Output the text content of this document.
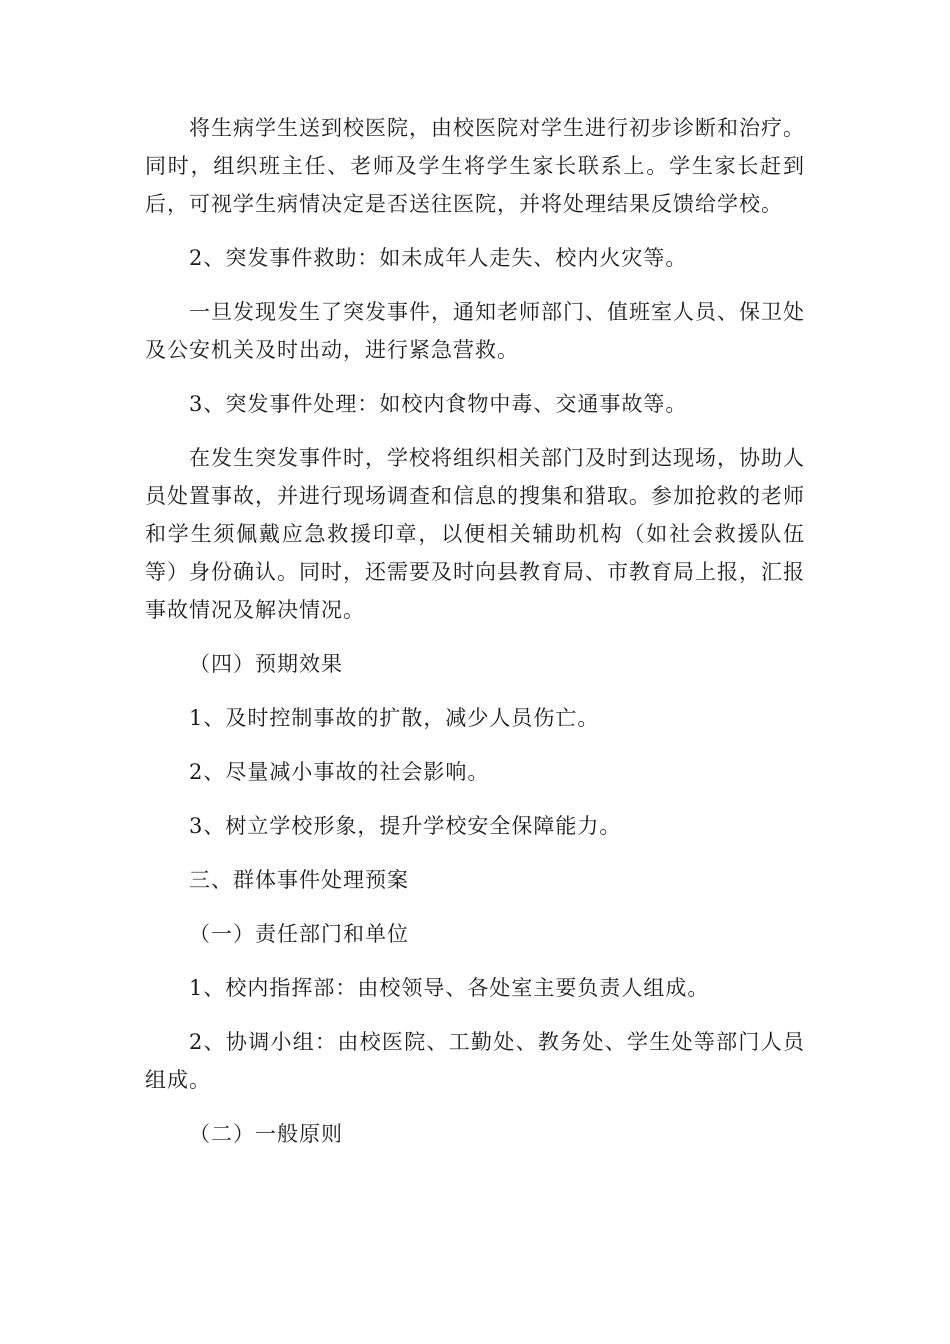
将生病学生送到校医院，由校医院对学生进行初步诊断和治疗。同时，组织班主任、老师及学生将学生家长联系上。学生家长赶到后，可视学生病情决定是否送往医院，并将处理结果反馈给学校。

2、突发事件救助：如未成年人走失、校内火灾等。

一旦发现发生了突发事件，通知老师部门、值班室人员、保卫处及公安机关及时出动，进行紧急营救。

3、突发事件处理：如校内食物中毒、交通事故等。

在发生突发事件时，学校将组织相关部门及时到达现场，协助人员处置事故，并进行现场调查和信息的搜集和猎取。参加抢救的老师和学生须佩戴应急救援印章，以便相关辅助机构（如社会救援队伍等）身份确认。同时，还需要及时向县教育局、市教育局上报，汇报事故情况及解决情况。

（四）预期效果

1、及时控制事故的扩散，减少人员伤亡。

2、尽量减小事故的社会影响。

3、树立学校形象，提升学校安全保障能力。

三、群体事件处理预案

（一）责任部门和单位

1、校内指挥部：由校领导、各处室主要负责人组成。

2、协调小组：由校医院、工勤处、教务处、学生处等部门人员组成。

（二）一般原则
